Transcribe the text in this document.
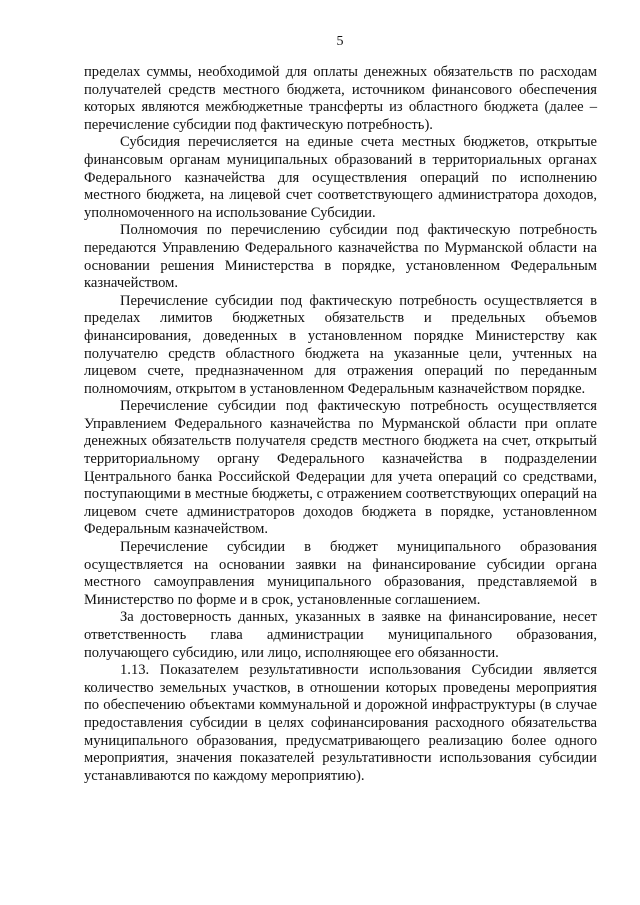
5

пределах суммы, необходимой для оплаты денежных обязательств по расходам получателей средств местного бюджета, источником финансового обеспечения которых являются межбюджетные трансферты из областного бюджета (далее – перечисление субсидии под фактическую потребность).

Субсидия перечисляется на единые счета местных бюджетов, открытые финансовым органам муниципальных образований в территориальных органах Федерального казначейства для осуществления операций по исполнению местного бюджета, на лицевой счет соответствующего администратора доходов, уполномоченного на использование Субсидии.

Полномочия по перечислению субсидии под фактическую потребность передаются Управлению Федерального казначейства по Мурманской области на основании решения Министерства в порядке, установленном Федеральным казначейством.

Перечисление субсидии под фактическую потребность осуществляется в пределах лимитов бюджетных обязательств и предельных объемов финансирования, доведенных в установленном порядке Министерству как получателю средств областного бюджета на указанные цели, учтенных на лицевом счете, предназначенном для отражения операций по переданным полномочиям, открытом в установленном Федеральным казначейством порядке.

Перечисление субсидии под фактическую потребность осуществляется Управлением Федерального казначейства по Мурманской области при оплате денежных обязательств получателя средств местного бюджета на счет, открытый территориальному органу Федерального казначейства в подразделении Центрального банка Российской Федерации для учета операций со средствами, поступающими в местные бюджеты, с отражением соответствующих операций на лицевом счете администраторов доходов бюджета в порядке, установленном Федеральным казначейством.

Перечисление субсидии в бюджет муниципального образования осуществляется на основании заявки на финансирование субсидии органа местного самоуправления муниципального образования, представляемой в Министерство по форме и в срок, установленные соглашением.

За достоверность данных, указанных в заявке на финансирование, несет ответственность глава администрации муниципального образования, получающего субсидию, или лицо, исполняющее его обязанности.

1.13. Показателем результативности использования Субсидии является количество земельных участков, в отношении которых проведены мероприятия по обеспечению объектами коммунальной и дорожной инфраструктуры (в случае предоставления субсидии в целях софинансирования расходного обязательства муниципального образования, предусматривающего реализацию более одного мероприятия, значения показателей результативности использования субсидии устанавливаются по каждому мероприятию).
